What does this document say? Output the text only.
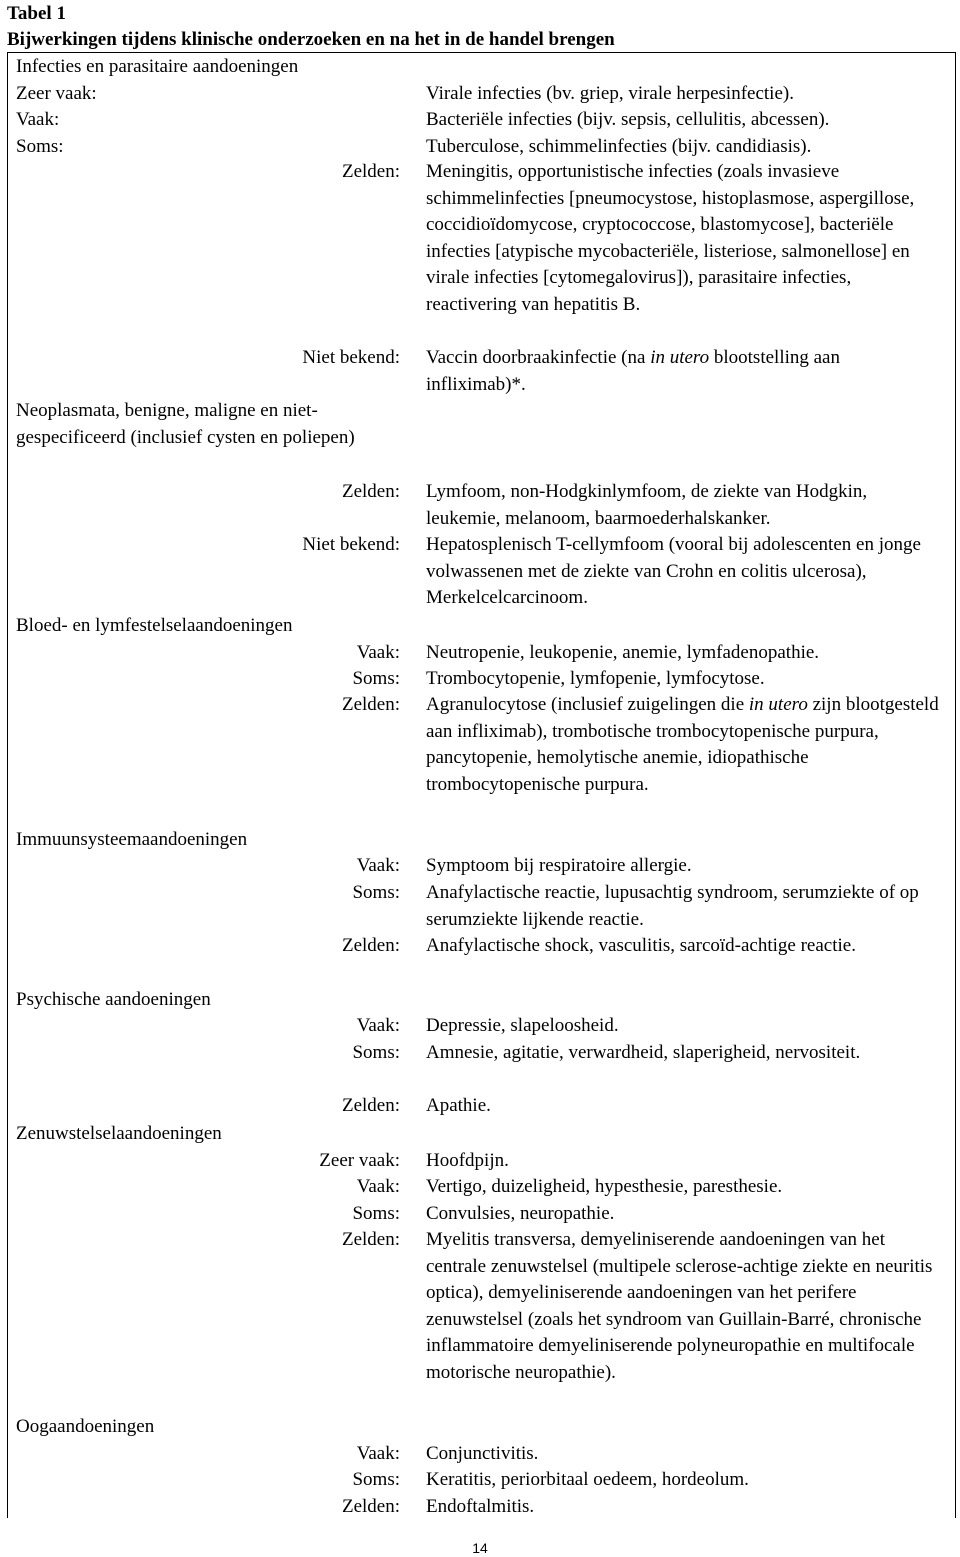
Tabel 1
Bijwerkingen tijdens klinische onderzoeken en na het in de handel brengen
Infecties en parasitaire aandoeningen
Zeer vaak:	Virale infecties (bv. griep, virale herpesinfectie).
Vaak:	Bacteriële infecties (bijv. sepsis, cellulitis, abcessen).
Soms:	Tuberculose, schimmelinfecties (bijv. candidiasis).
Zelden: Meningitis, opportunistische infecties (zoals invasieve schimmelinfecties [pneumocystose, histoplasmose, aspergillose, coccidioïdomycose, cryptococcose, blastomycose], bacteriële infecties [atypische mycobacteriële, listeriose, salmonellose] en virale infecties [cytomegalovirus]), parasitaire infecties, reactivering van hepatitis B.
Niet bekend: Vaccin doorbraakinfectie (na in utero blootstelling aan infliximab)*.
Neoplasmata, benigne, maligne en niet-gespecificeerd (inclusief cysten en poliepen)
Zelden: Lymfoom, non-Hodgkinlymfoom, de ziekte van Hodgkin, leukemie, melanoom, baarmoederhalskanker.
Niet bekend: Hepatosplenisch T-cellymfoom (vooral bij adolescenten en jonge volwassenen met de ziekte van Crohn en colitis ulcerosa), Merkelcelcarcinoom.
Bloed- en lymfestelselaandoeningen
Vaak: Neutropenie, leukopenie, anemie, lymfadenopathie.
Soms: Trombocytopenie, lymfopenie, lymfocytose.
Zelden: Agranulocytose (inclusief zuigelingen die in utero zijn blootgesteld aan infliximab), trombotische trombocytopenische purpura, pancytopenie, hemolytische anemie, idiopathische trombocytopenische purpura.
Immuunsysteemaandoeningen
Vaak: Symptoom bij respiratoire allergie.
Soms: Anafylactische reactie, lupusachtig syndroom, serumziekte of op serumziekte lijkende reactie.
Zelden: Anafylactische shock, vasculitis, sarcoïd-achtige reactie.
Psychische aandoeningen
Vaak: Depressie, slapeloosheid.
Soms: Amnesie, agitatie, verwardheid, slaperigheid, nervositeit.
Zelden: Apathie.
Zenuwstelselaandoeningen
Zeer vaak: Hoofdpijn.
Vaak: Vertigo, duizeligheid, hypesthesie, paresthesie.
Soms: Convulsies, neuropathie.
Zelden: Myelitis transversa, demyeliniserende aandoeningen van het centrale zenuwstelsel (multipele sclerose-achtige ziekte en neuritis optica), demyeliniserende aandoeningen van het perifere zenuwstelsel (zoals het syndroom van Guillain-Barré, chronische inflammatoire demyeliniserende polyneuropathie en multifocale motorische neuropathie).
Oogaandoeningen
Vaak: Conjunctivitis.
Soms: Keratitis, periorbitaal oedeem, hordeolum.
Zelden: Endoftalmitis.
14
